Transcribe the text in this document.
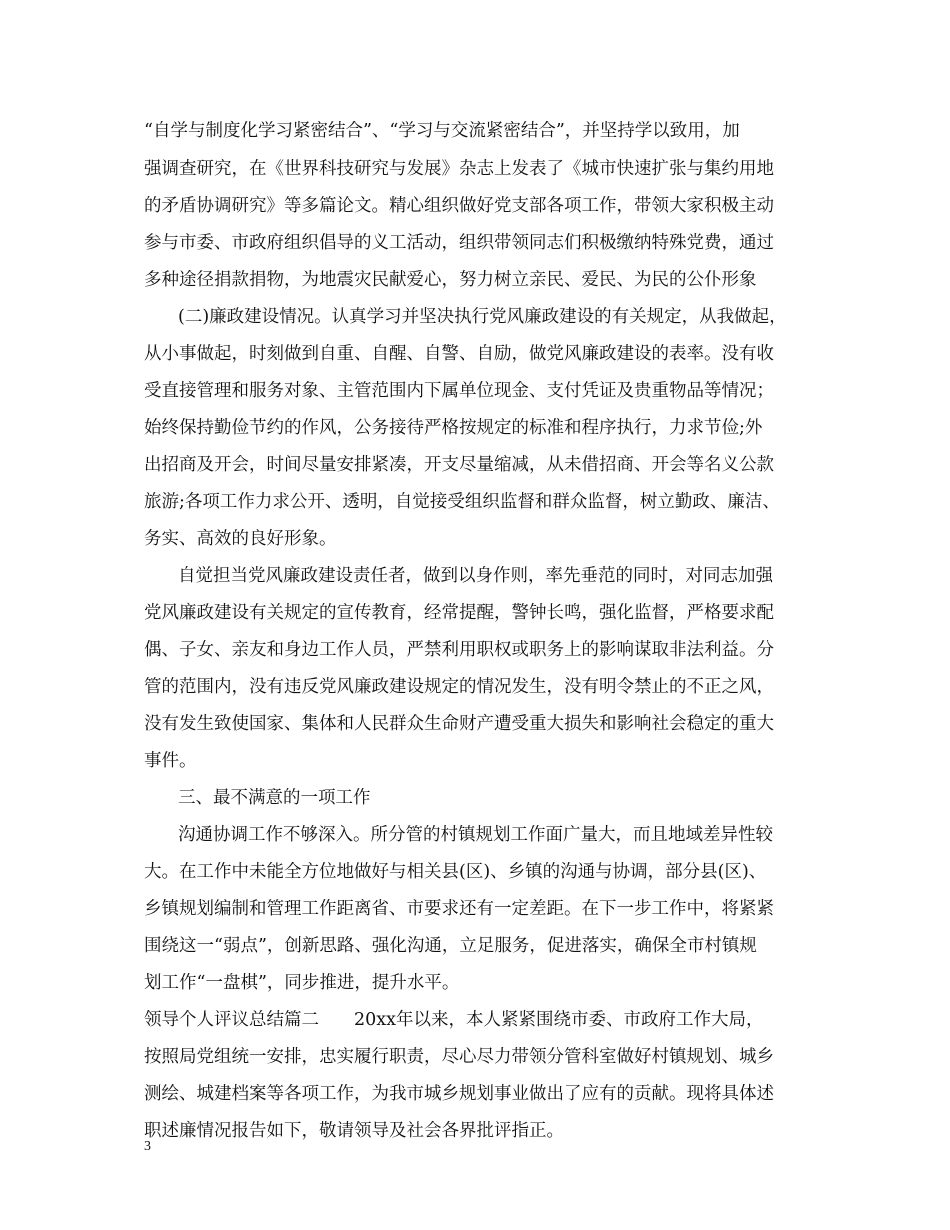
“自学与制度化学习紧密结合”、“学习与交流紧密结合”，并坚持学以致用，加
强调查研究，在《世界科技研究与发展》杂志上发表了《城市快速扩张与集约用地
的矛盾协调研究》等多篇论文。精心组织做好党支部各项工作，带领大家积极主动
参与市委、市政府组织倡导的义工活动，组织带领同志们积极缴纳特殊党费，通过
多种途径捐款捐物，为地震灾民献爱心，努力树立亲民、爱民、为民的公仆形象
(二)廉政建设情况。认真学习并坚决执行党风廉政建设的有关规定，从我做起，
从小事做起，时刻做到自重、自醒、自警、自励，做党风廉政建设的表率。没有收
受直接管理和服务对象、主管范围内下属单位现金、支付凭证及贵重物品等情况；
始终保持勤俭节约的作风，公务接待严格按规定的标准和程序执行，力求节俭;外
出招商及开会，时间尽量安排紧凑，开支尽量缩减，从未借招商、开会等名义公款
旅游;各项工作力求公开、透明，自觉接受组织监督和群众监督，树立勤政、廉洁、
务实、高效的良好形象。
自觉担当党风廉政建设责任者，做到以身作则，率先垂范的同时，对同志加强
党风廉政建设有关规定的宣传教育，经常提醒，警钟长鸣，强化监督，严格要求配
偶、子女、亲友和身边工作人员，严禁利用职权或职务上的影响谋取非法利益。分
管的范围内，没有违反党风廉政建设规定的情况发生，没有明令禁止的不正之风，
没有发生致使国家、集体和人民群众生命财产遭受重大损失和影响社会稳定的重大
事件。
三、最不满意的一项工作
沟通协调工作不够深入。所分管的村镇规划工作面广量大，而且地域差异性较
大。在工作中未能全方位地做好与相关县(区)、乡镇的沟通与协调，部分县(区)、
乡镇规划编制和管理工作距离省、市要求还有一定差距。在下一步工作中，将紧紧
围绕这一“弱点”，创新思路、强化沟通，立足服务，促进落实，确保全市村镇规
划工作“一盘棋”，同步推进，提升水平。
领导个人评议总结篇二　　20xx年以来，本人紧紧围绕市委、市政府工作大局，
按照局党组统一安排，忠实履行职责，尽心尽力带领分管科室做好村镇规划、城乡
测绘、城建档案等各项工作，为我市城乡规划事业做出了应有的贡献。现将具体述
职述廉情况报告如下，敬请领导及社会各界批评指正。
3
